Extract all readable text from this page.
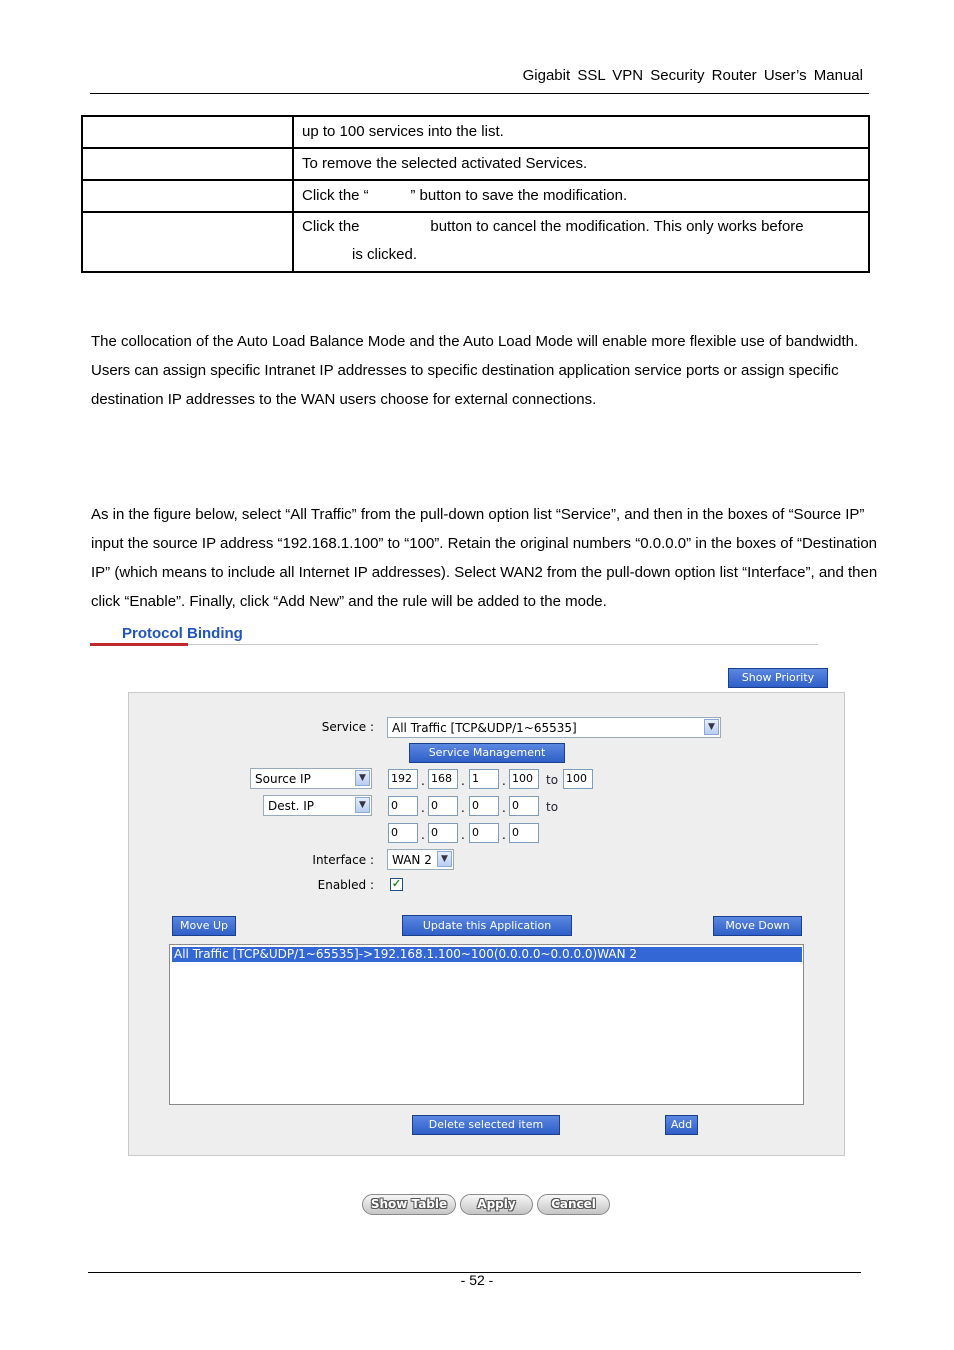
Gigabit SSL VPN Security Router User’s Manual
	up to 100 services into the list.
	To remove the selected activated Services.
	Click the “          ” button to save the modification.

	Click the                 button to cancel the modification. This only works before
is clicked.
The collocation of the Auto Load Balance Mode and the Auto Load Mode will enable more flexible use of bandwidth. Users can assign specific Intranet IP addresses to specific destination application service ports or assign specific destination IP addresses to the WAN users choose for external connections.
As in the figure below, select “All Traffic” from the pull-down option list “Service”, and then in the boxes of “Source IP” input the source IP address “192.168.1.100” to “100”. Retain the original numbers “0.0.0.0” in the boxes of “Destination IP” (which means to include all Internet IP addresses). Select WAN2 from the pull-down option list “Interface”, and then click “Enable”. Finally, click “Add New” and the rule will be added to the mode.
Protocol Binding
Show Priority
Service :	All Traffic [TCP&UDP/1~65535]	▼
Service Management
Source IP	▼
Dest. IP	▼
192 . 168 . 1	. 100	to 100
0	. 0	. 0	. 0	to
0	. 0	. 0	. 0
Interface :	WAN 2	▼
Enabled : ✓
Move Up	Update this Application	Move Down
All Traffic [TCP&UDP/1~65535]->192.168.1.100~100(0.0.0.0~0.0.0.0)WAN 2
Delete selected item	Add
Show Table	Apply	Cancel
- 52 -
